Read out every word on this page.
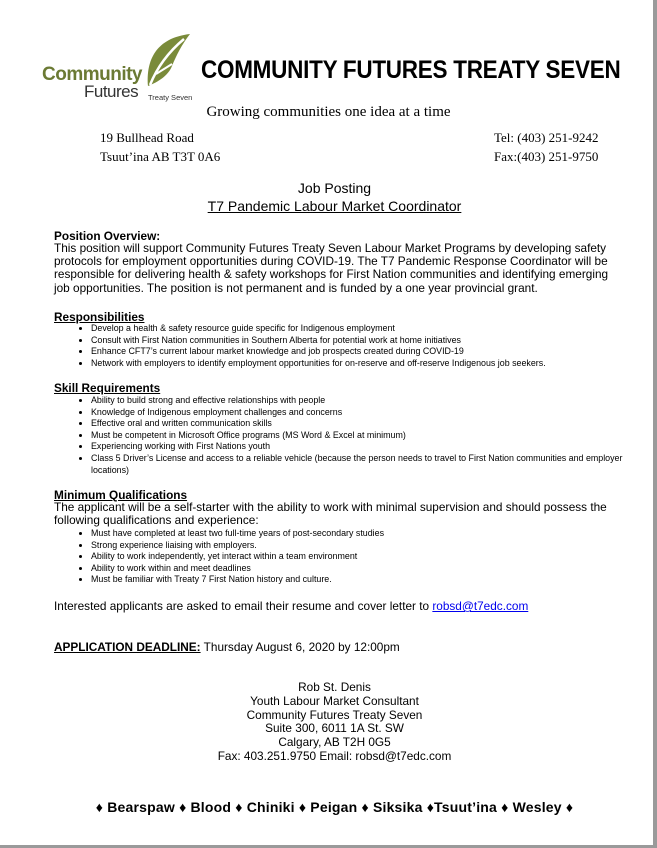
Community
Futures Treaty Seven
COMMUNITY FUTURES TREATY SEVEN
Growing communities one idea at a time
19 Bullhead Road
Tsuut’ina AB T3T 0A6
Tel: (403) 251-9242
Fax:(403) 251-9750
Job Posting
T7 Pandemic Labour Market Coordinator
Position Overview:
This position will support Community Futures Treaty Seven Labour Market Programs by developing safety protocols for employment opportunities during COVID-19. The T7 Pandemic Response Coordinator will be responsible for delivering health & safety workshops for First Nation communities and identifying emerging job opportunities. The position is not permanent and is funded by a one year provincial grant.
Responsibilities
• Develop a health & safety resource guide specific for Indigenous employment
• Consult with First Nation communities in Southern Alberta for potential work at home initiatives
• Enhance CFT7’s current labour market knowledge and job prospects created during COVID-19
• Network with employers to identify employment opportunities for on-reserve and off-reserve Indigenous job seekers.
Skill Requirements
• Ability to build strong and effective relationships with people
• Knowledge of Indigenous employment challenges and concerns
• Effective oral and written communication skills
• Must be competent in Microsoft Office programs (MS Word & Excel at minimum)
• Experiencing working with First Nations youth
• Class 5 Driver’s License and access to a reliable vehicle (because the person needs to travel to First Nation communities and employer locations)
Minimum Qualifications
The applicant will be a self-starter with the ability to work with minimal supervision and should possess the following qualifications and experience:
• Must have completed at least two full-time years of post-secondary studies
• Strong experience liaising with employers.
• Ability to work independently, yet interact within a team environment
• Ability to work within and meet deadlines
• Must be familiar with Treaty 7 First Nation history and culture.
Interested applicants are asked to email their resume and cover letter to robsd@t7edc.com
APPLICATION DEADLINE: Thursday August 6, 2020 by 12:00pm
Rob St. Denis
Youth Labour Market Consultant
Community Futures Treaty Seven
Suite 300, 6011 1A St. SW
Calgary, AB T2H 0G5
Fax: 403.251.9750 Email: robsd@t7edc.com
♦ Bearspaw ♦ Blood ♦ Chiniki ♦ Peigan ♦ Siksika ♦Tsuut’ina ♦ Wesley ♦
